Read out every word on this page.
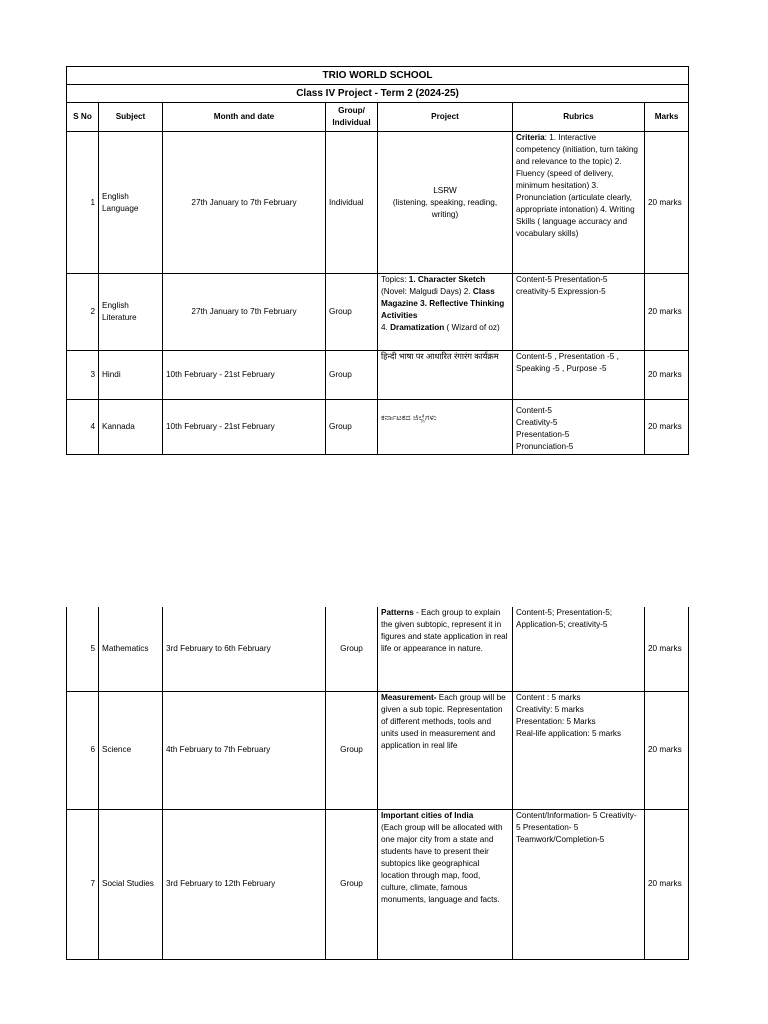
TRIO WORLD SCHOOL						
Class IV Project - Term 2 (2024-25)						
S No	Subject	Month and date	Group/
Individual	Project	Rubrics	Marks
1	English Language	27th January to 7th February	Individual	LSRW
(listening, speaking, reading, writing)	Criteria: 1. Interactive competency (initiation, turn taking and relevance to the topic) 2. Fluency (speed of delivery, minimum hesitation) 3. Pronunciation (articulate clearly, appropriate intonation) 4. Writing Skills ( language accuracy and vocabulary skills)	20 marks
2	English Literature	27th January to 7th February	Group	Topics: 1. Character Sketch (Novel: Malgudi Days) 2. Class Magazine 3. Reflective Thinking Activities
4. Dramatization ( Wizard of oz)	Content-5 Presentation-5 creativity-5 Expression-5	20 marks
3	Hindi	10th February - 21st February	Group	हिन्दी भाषा पर आधारित रंगारंग कार्यक्रम	Content-5 , Presentation -5 , Speaking -5 , Purpose -5	20 marks
4	Kannada	10th February - 21st February	Group	ಕರ್ನಾಟಕದ ಜಿಲ್ಲೆಗಳು	Content-5
Creativity-5
Presentation-5
Pronunciation-5	20 marks
5	Mathematics	3rd February to 6th February	Group	Patterns - Each group to explain the given subtopic, represent it in figures and state application in real life or appearance in nature.	Content-5; Presentation-5; Application-5; creativity-5	20 marks
6	Science	4th February to 7th February	Group	Measurement- Each group will be given a sub topic. Representation of different methods, tools and units used in measurement and application in real life	Content : 5 marks
Creativity: 5 marks
Presentation: 5 Marks
Real-life application: 5 marks	20 marks
7	Social Studies	3rd February to 12th February	Group	Important cities of India
(Each group will be allocated with one major city from a state and students have to present their subtopics like geographical location through map, food, culture, climate, famous monuments, language and facts.	Content/Information- 5 Creativity-5 Presentation- 5 Teamwork/Completion-5	20 marks
